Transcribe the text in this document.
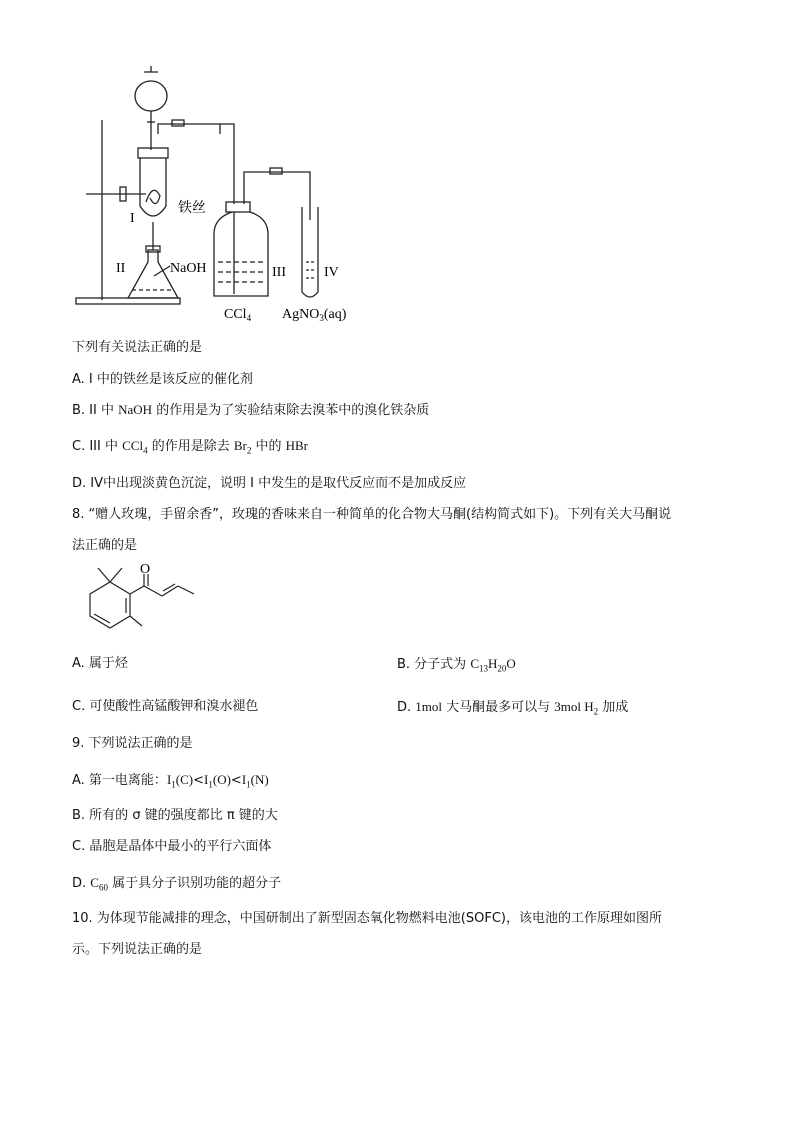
I
铁丝
II	NaOH	III	IV
CCl$_4$ AgNO$_3$(aq)
下列有关说法正确的是
A. I 中的铁丝是该反应的催化剂
B. II 中 NaOH 的作用是为了实验结束除去溴苯中的溴化铁杂质
C. III 中 CCl$_4$ 的作用是除去 $Br_2$ 中的 HBr
D. IV中出现淡黄色沉淀，说明 I 中发生的是取代反应而不是加成反应
8. “赠人玫瑰，手留余香”，玫瑰的香味来自一种简单的化合物大马酮(结构简式如下)。下列有关大马酮说
法正确的是
O
A. 属于烃	B. 分子式为 $C_{13}H_{20}O$
C. 可使酸性高锰酸钾和溴水褪色	D. 1mol 大马酮最多可以与 3mol $H_2$ 加成
9. 下列说法正确的是
A. 第一电离能：$I_1(C)<I_1(O)<I_1(N)$
B. 所有的 σ 键的强度都比 π 键的大
C. 晶胞是晶体中最小的平行六面体
D. $C_{60}$ 属于具分子识别功能的超分子
10. 为体现节能减排的理念，中国研制出了新型固态氧化物燃料电池(SOFC)，该电池的工作原理如图所
示。下列说法正确的是
